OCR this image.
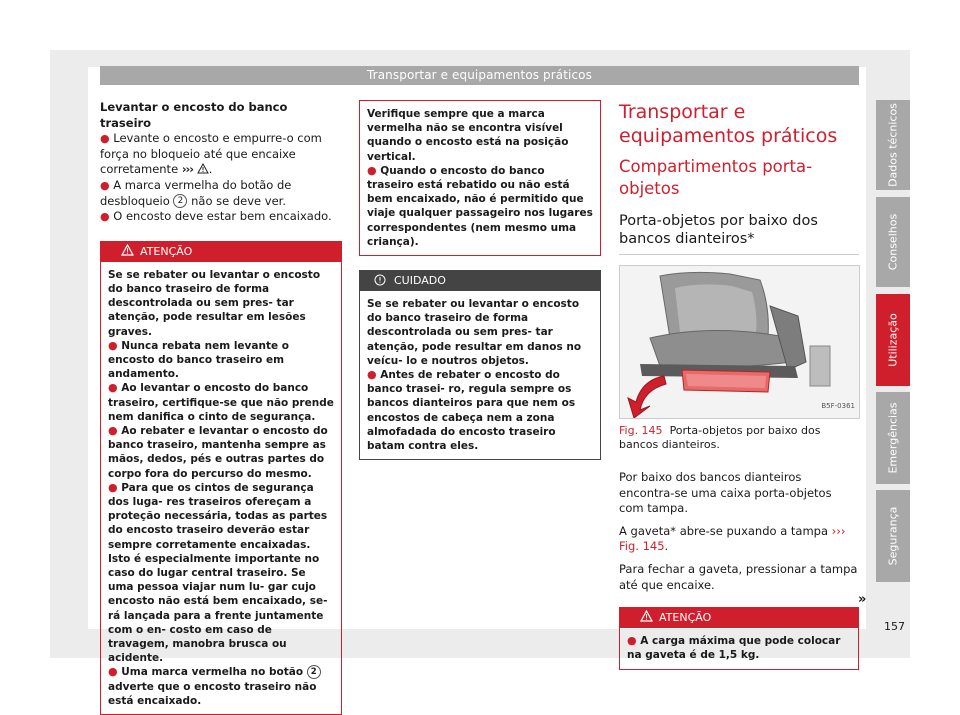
Transportar e equipamentos práticos

Levantar o encosto do banco traseiro

● Levante o encosto e empurre-o com força no bloqueio até que encaixe corretamente ››› .

● A marca vermelha do botão de desbloqueio 2 não se deve ver.

● O encosto deve estar bem encaixado.

ATENÇÃO

Se se rebater ou levantar o encosto do banco traseiro de forma descontrolada ou sem pres- tar atenção, pode resultar em lesões graves.

● Nunca rebata nem levante o encosto do banco traseiro em andamento.

● Ao levantar o encosto do banco traseiro, certifique-se que não prende nem danifica o cinto de segurança.

● Ao rebater e levantar o encosto do banco traseiro, mantenha sempre as mãos, dedos, pés e outras partes do corpo fora do percurso do mesmo.

● Para que os cintos de segurança dos luga- res traseiros ofereçam a proteção necessária, todas as partes do encosto traseiro deverão estar sempre corretamente encaixadas. Isto é especialmente importante no caso do lugar central traseiro. Se uma pessoa viajar num lu- gar cujo encosto não está bem encaixado, se- rá lançada para a frente juntamente com o en- costo em caso de travagem, manobra brusca ou acidente.

● Uma marca vermelha no botão 2 adverte que o encosto traseiro não está encaixado.

Verifique sempre que a marca vermelha não se encontra visível quando o encosto está na posição vertical.

● Quando o encosto do banco traseiro está rebatido ou não está bem encaixado, não é permitido que viaje qualquer passageiro nos lugares correspondentes (nem mesmo uma criança).

CUIDADO

Se se rebater ou levantar o encosto do banco traseiro de forma descontrolada ou sem pres- tar atenção, pode resultar em danos no veícu- lo e noutros objetos.

● Antes de rebater o encosto do banco trasei- ro, regula sempre os bancos dianteiros para que nem os encostos de cabeça nem a zona almofadada do encosto traseiro batam contra eles.

Transportar e equipamentos práticos
Compartimentos porta-objetos
Porta-objetos por baixo dos bancos dianteiros*
B5F-0361

Fig. 145 Porta-objetos por baixo dos bancos dianteiros.

Por baixo dos bancos dianteiros encontra-se uma caixa porta-objetos com tampa.

A gaveta* abre-se puxando a tampa ››› Fig. 145.

Para fechar a gaveta, pressionar a tampa até que encaixe.

ATENÇÃO

● A carga máxima que pode colocar na gaveta é de 1,5 kg.

»
Dados técnicos
Conselhos
Utilização
Emergências
Segurança
157
